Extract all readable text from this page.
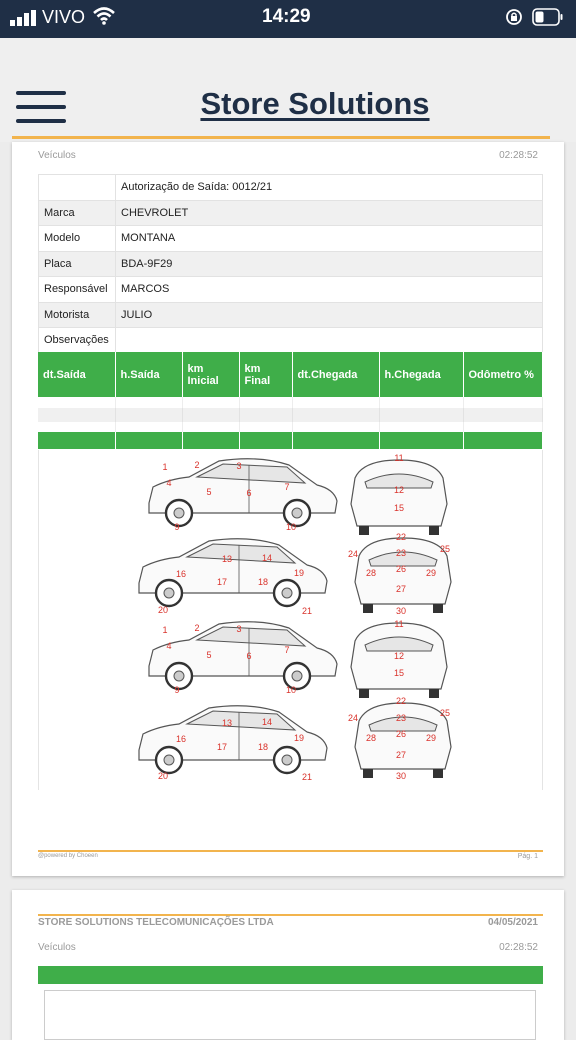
VIVO	14:29
Store Solutions
Veículos	02:28:52
	Autorização de Saída: 0012/21
Marca	CHEVROLET
Modelo	MONTANA
Placa	BDA-9F29
Responsável	MARCOS
Motorista	JULIO
Observações	
dt.Saída	h.Saída	km Inicial	km Final	dt.Chegada	h.Chegada	Odômetro %

1
1
2
2
3
3
4
4
5
5
6
6
7
7
9
9
10
10
11
11
12
12
15
15
13
13
14
14
16
16
17
17
18
18
19
19
20
20
21
21
22
22
23
23
24
24
25
25
26
26
27
27
28
28
29
29
30
30
@powered by Choeen	Pág. 1
STORE SOLUTIONS TELECOMUNICAÇÕES LTDA	04/05/2021
Veículos	02:28:52
